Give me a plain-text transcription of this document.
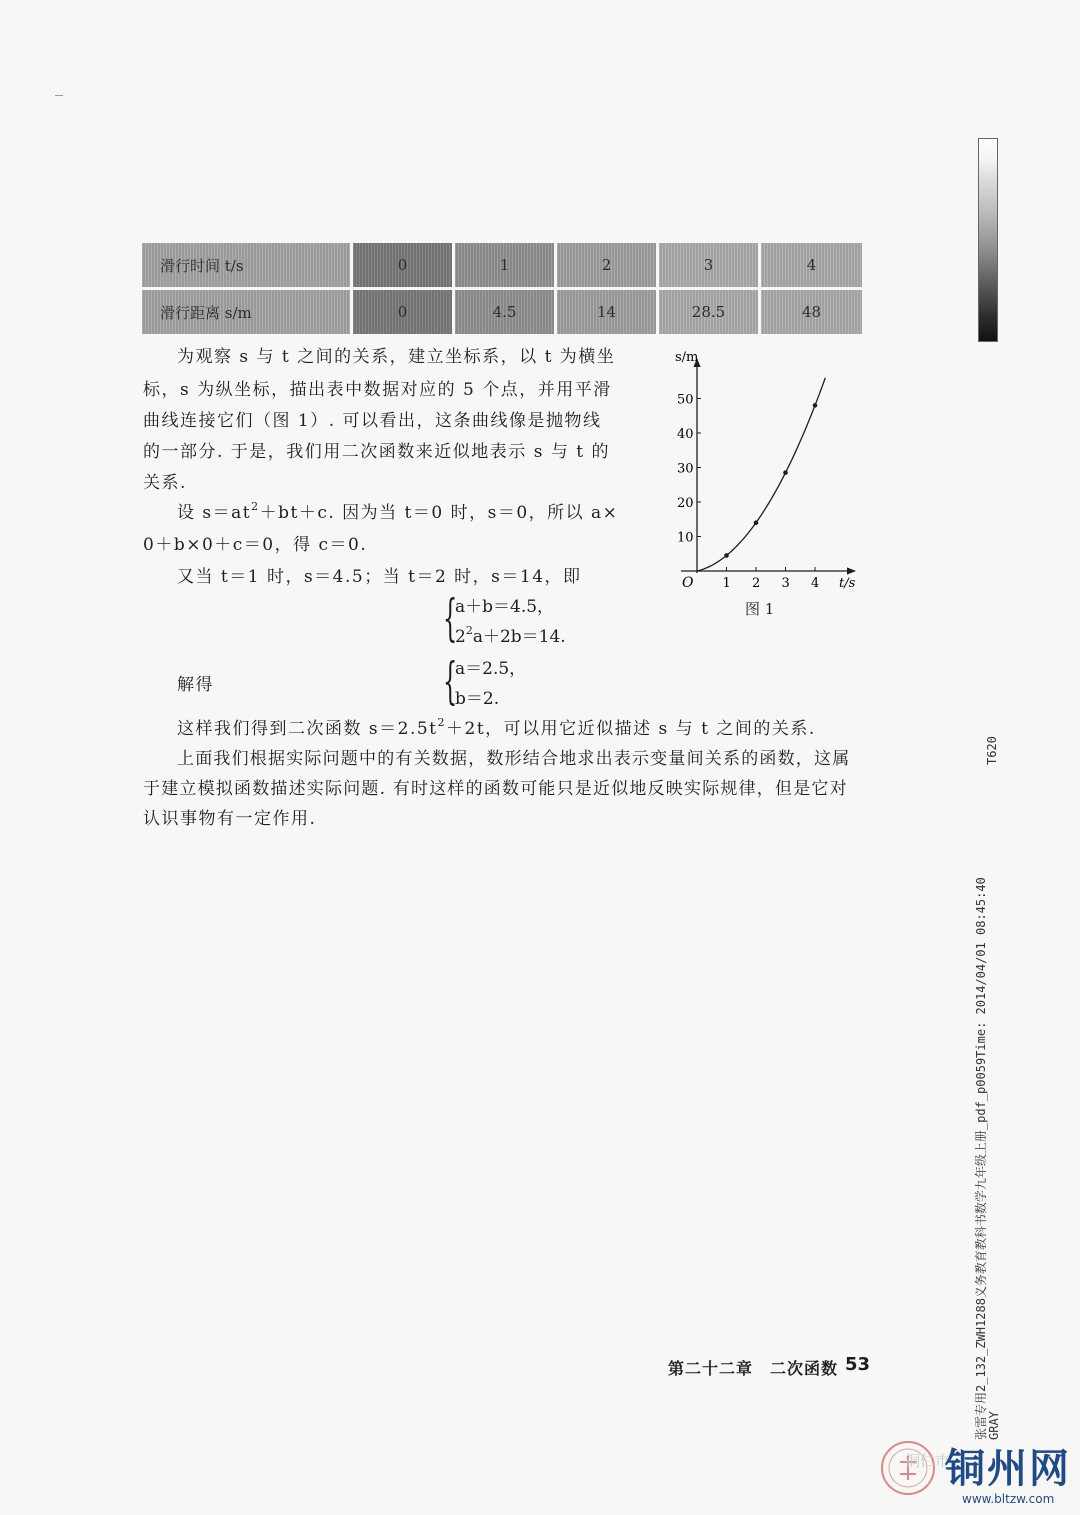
滑行时间 t/s	0	1	2	3	4
滑行距离 s/m	0	4.5	14	28.5	48
为观察 s 与 t 之间的关系，建立坐标系，以 t 为横坐
标，s 为纵坐标，描出表中数据对应的 5 个点，并用平滑
曲线连接它们（图 1）. 可以看出，这条曲线像是抛物线
的一部分. 于是，我们用二次函数来近似地表示 s 与 t 的
关系.
设 $s=at^2+bt+c$. 因为当 t＝0 时，s＝0，所以 a×
0＋b×0＋c＝0，得 c＝0.
又当 t＝1 时，s＝4.5；当 t＝2 时，s＝14，即
{
a＋b＝4.5，
$2^2a+2b=14$.
解得	{
a＝2.5，
b＝2.
这样我们得到二次函数 $s=2.5t^2+2t$，可以用它近似描述 s 与 t 之间的关系.
上面我们根据实际问题中的有关数据，数形结合地求出表示变量间关系的函数，这属
于建立模拟函数描述实际问题. 有时这样的函数可能只是近似地反映实际规律，但是它对
认识事物有一定作用.
s/m
t/s
O 1 2 3 4
10
20
30
40
50
图 1
T620
张雷专用2_132_ZWH1288义务教育教科书数学九年级上册_pdf_p0059Time: 2014/04/01 08:45:40 GRAY
第二十二章　二次函数 53
铜仁市
铜州网
www.bltzw.com
